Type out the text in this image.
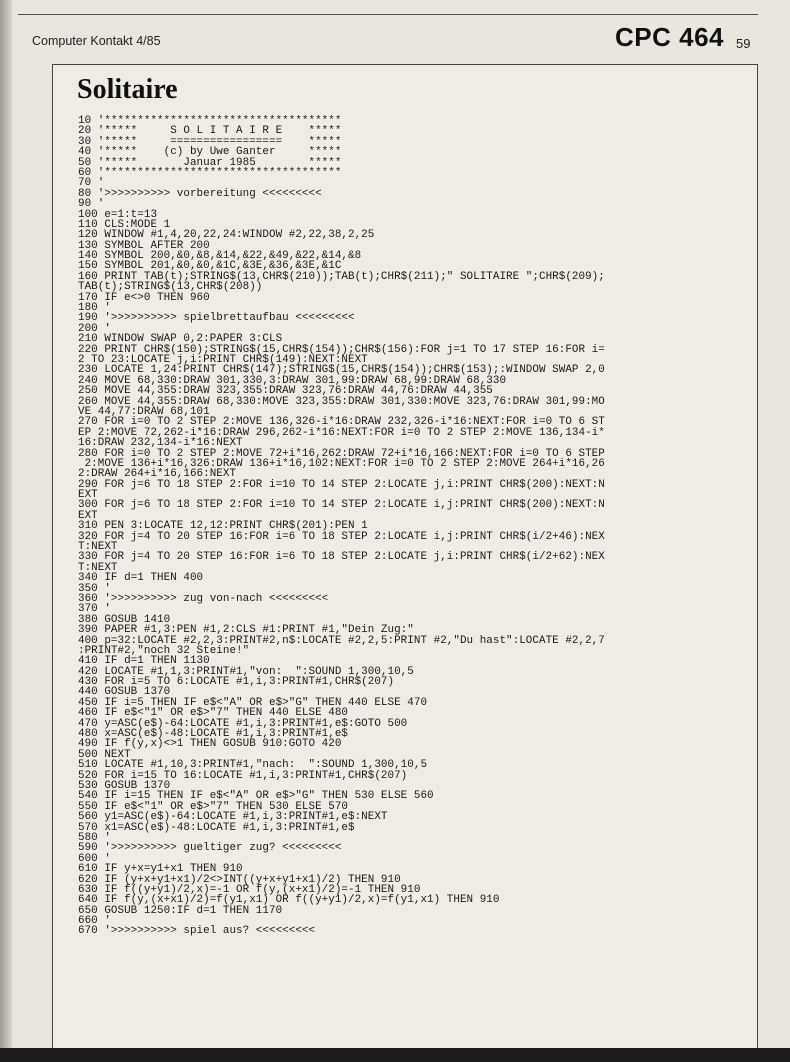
Computer Kontakt 4/85	CPC 464 59
Solitaire
10 '************************************
20 '*****     S O L I T A I R E    *****
30 '*****     =================    *****
40 '*****    (c) by Uwe Ganter     *****
50 '*****       Januar 1985        *****
60 '************************************
70 '
80 '>>>>>>>>>> vorbereitung <<<<<<<<<
90 '
100 e=1:t=13
110 CLS:MODE 1
120 WINDOW #1,4,20,22,24:WINDOW #2,22,38,2,25
130 SYMBOL AFTER 200
140 SYMBOL 200,&0,&8,&14,&22,&49,&22,&14,&8
150 SYMBOL 201,&0,&0,&1C,&3E,&36,&3E,&1C
160 PRINT TAB(t);STRING$(13,CHR$(210));TAB(t);CHR$(211);" SOLITAIRE ";CHR$(209);
TAB(t);STRING$(13,CHR$(208))
170 IF e<>0 THEN 960
180 '
190 '>>>>>>>>>> spielbrettaufbau <<<<<<<<<
200 '
210 WINDOW SWAP 0,2:PAPER 3:CLS
220 PRINT CHR$(150);STRING$(15,CHR$(154));CHR$(156):FOR j=1 TO 17 STEP 16:FOR i=
2 TO 23:LOCATE j,i:PRINT CHR$(149):NEXT:NEXT
230 LOCATE 1,24:PRINT CHR$(147);STRING$(15,CHR$(154));CHR$(153);:WINDOW SWAP 2,0
240 MOVE 68,330:DRAW 301,330,3:DRAW 301,99:DRAW 68,99:DRAW 68,330
250 MOVE 44,355:DRAW 323,355:DRAW 323,76:DRAW 44,76:DRAW 44,355
260 MOVE 44,355:DRAW 68,330:MOVE 323,355:DRAW 301,330:MOVE 323,76:DRAW 301,99:MO
VE 44,77:DRAW 68,101
270 FOR i=0 TO 2 STEP 2:MOVE 136,326-i*16:DRAW 232,326-i*16:NEXT:FOR i=0 TO 6 ST
EP 2:MOVE 72,262-i*16:DRAW 296,262-i*16:NEXT:FOR i=0 TO 2 STEP 2:MOVE 136,134-i*
16:DRAW 232,134-i*16:NEXT
280 FOR i=0 TO 2 STEP 2:MOVE 72+i*16,262:DRAW 72+i*16,166:NEXT:FOR i=0 TO 6 STEP
2:MOVE 136+i*16,326:DRAW 136+i*16,102:NEXT:FOR i=0 TO 2 STEP 2:MOVE 264+i*16,26
2:DRAW 264+i*16,166:NEXT
290 FOR j=6 TO 18 STEP 2:FOR i=10 TO 14 STEP 2:LOCATE j,i:PRINT CHR$(200):NEXT:N
EXT
300 FOR j=6 TO 18 STEP 2:FOR i=10 TO 14 STEP 2:LOCATE i,j:PRINT CHR$(200):NEXT:N
EXT
310 PEN 3:LOCATE 12,12:PRINT CHR$(201):PEN 1
320 FOR j=4 TO 20 STEP 16:FOR i=6 TO 18 STEP 2:LOCATE i,j:PRINT CHR$(i/2+46):NEX
T:NEXT
330 FOR j=4 TO 20 STEP 16:FOR i=6 TO 18 STEP 2:LOCATE j,i:PRINT CHR$(i/2+62):NEX
T:NEXT
340 IF d=1 THEN 400
350 '
360 '>>>>>>>>>> zug von-nach <<<<<<<<<
370 '
380 GOSUB 1410
390 PAPER #1,3:PEN #1,2:CLS #1:PRINT #1,"Dein Zug:"
400 p=32:LOCATE #2,2,3:PRINT#2,n$:LOCATE #2,2,5:PRINT #2,"Du hast":LOCATE #2,2,7
:PRINT#2,"noch 32 Steine!"
410 IF d=1 THEN 1130
420 LOCATE #1,1,3:PRINT#1,"von:  ":SOUND 1,300,10,5
430 FOR i=5 TO 6:LOCATE #1,i,3:PRINT#1,CHR$(207)
440 GOSUB 1370
450 IF i=5 THEN IF e$<"A" OR e$>"G" THEN 440 ELSE 470
460 IF e$<"1" OR e$>"7" THEN 440 ELSE 480
470 y=ASC(e$)-64:LOCATE #1,i,3:PRINT#1,e$:GOTO 500
480 x=ASC(e$)-48:LOCATE #1,i,3:PRINT#1,e$
490 IF f(y,x)<>1 THEN GOSUB 910:GOTO 420
500 NEXT
510 LOCATE #1,10,3:PRINT#1,"nach:  ":SOUND 1,300,10,5
520 FOR i=15 TO 16:LOCATE #1,i,3:PRINT#1,CHR$(207)
530 GOSUB 1370
540 IF i=15 THEN IF e$<"A" OR e$>"G" THEN 530 ELSE 560
550 IF e$<"1" OR e$>"7" THEN 530 ELSE 570
560 y1=ASC(e$)-64:LOCATE #1,i,3:PRINT#1,e$:NEXT
570 x1=ASC(e$)-48:LOCATE #1,i,3:PRINT#1,e$
580 '
590 '>>>>>>>>>> gueltiger zug? <<<<<<<<<
600 '
610 IF y+x=y1+x1 THEN 910
620 IF (y+x+y1+x1)/2<>INT((y+x+y1+x1)/2) THEN 910
630 IF f((y+y1)/2,x)=-1 OR f(y,(x+x1)/2)=-1 THEN 910
640 IF f(y,(x+x1)/2)=f(y1,x1) OR f((y+y1)/2,x)=f(y1,x1) THEN 910
650 GOSUB 1250:IF d=1 THEN 1170
660 '
670 '>>>>>>>>>> spiel aus? <<<<<<<<<
